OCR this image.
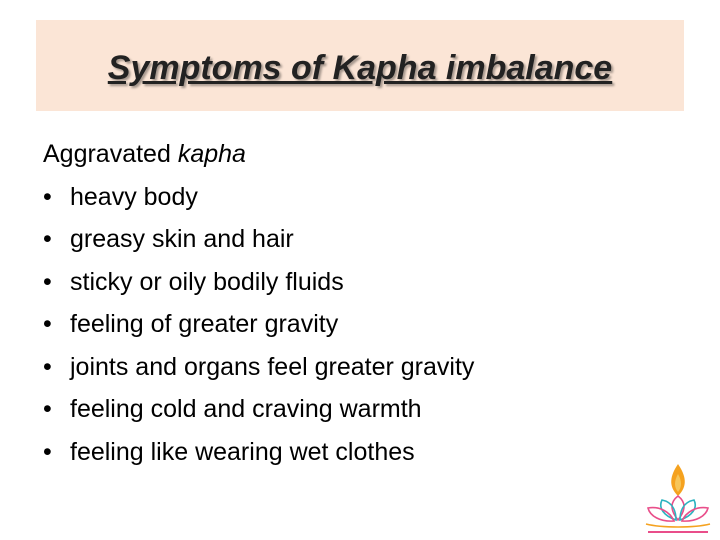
Symptoms of Kapha imbalance
Aggravated kapha
• heavy body
• greasy skin and hair
• sticky or oily bodily fluids
• feeling of greater gravity
• joints and organs feel greater gravity
• feeling cold and craving warmth
• feeling like wearing wet clothes
